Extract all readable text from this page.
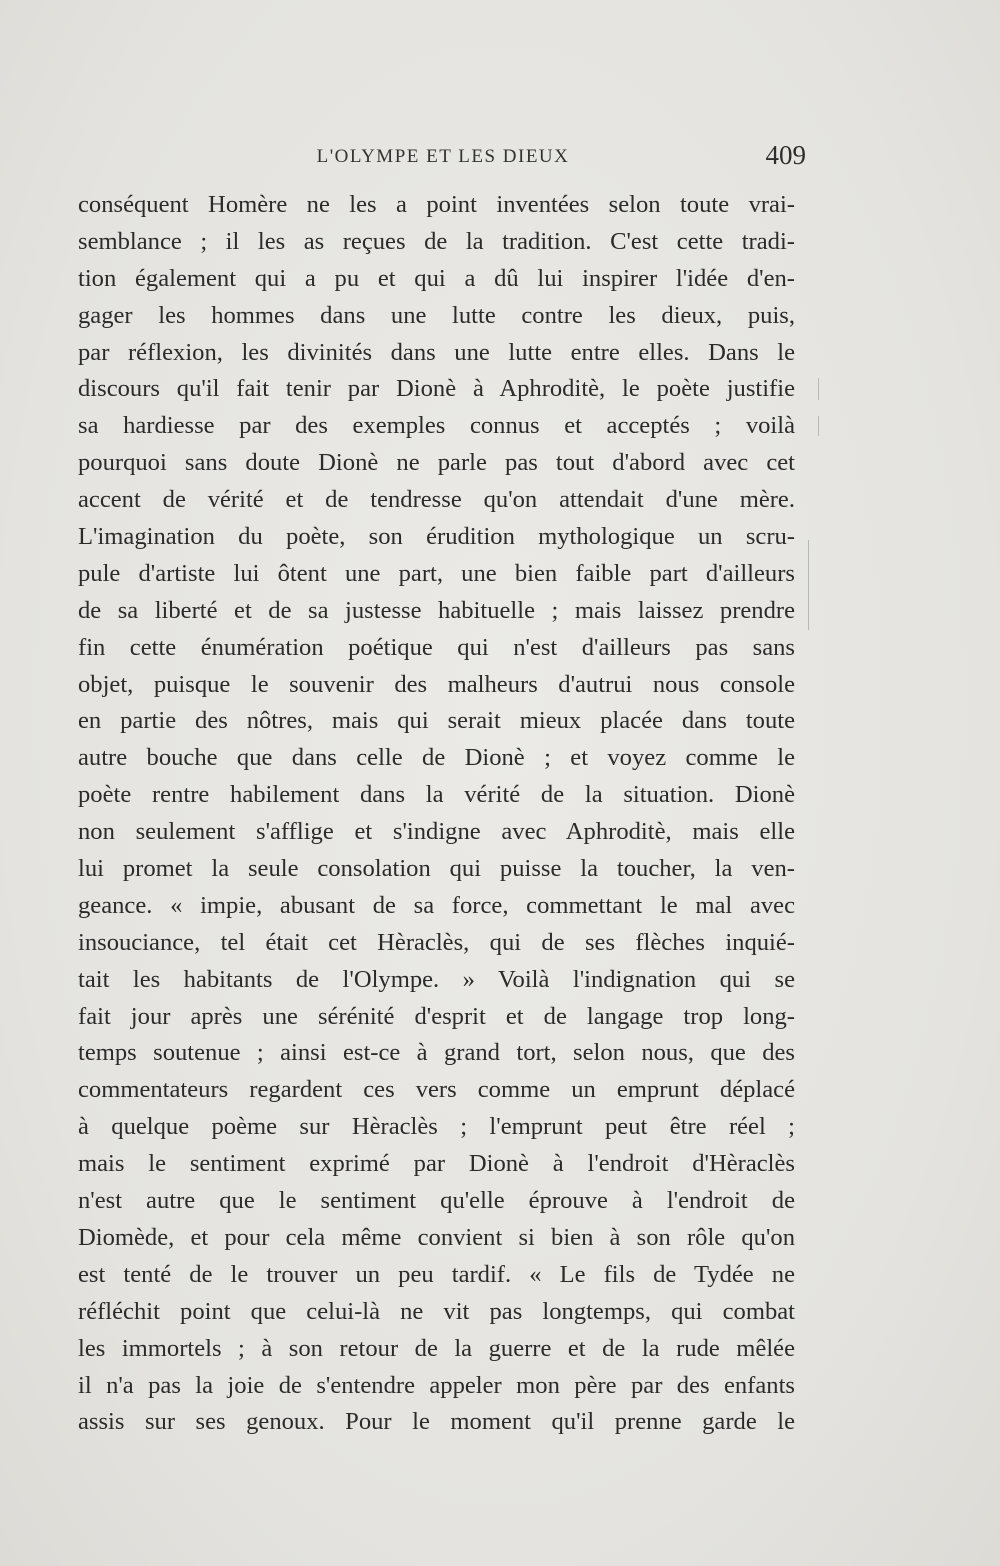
L'OLYMPE ET LES DIEUX	409
conséquent Homère ne les a point inventées selon toute vrai-
semblance ; il les as reçues de la tradition. C'est cette tradi-
tion également qui a pu et qui a dû lui inspirer l'idée d'en-
gager les hommes dans une lutte contre les dieux, puis,
par réflexion, les divinités dans une lutte entre elles. Dans le
discours qu'il fait tenir par Dionè à Aphroditè, le poète justifie
sa hardiesse par des exemples connus et acceptés ; voilà
pourquoi sans doute Dionè ne parle pas tout d'abord avec cet
accent de vérité et de tendresse qu'on attendait d'une mère.
L'imagination du poète, son érudition mythologique un scru-
pule d'artiste lui ôtent une part, une bien faible part d'ailleurs
de sa liberté et de sa justesse habituelle ; mais laissez prendre
fin cette énumération poétique qui n'est d'ailleurs pas sans
objet, puisque le souvenir des malheurs d'autrui nous console
en partie des nôtres, mais qui serait mieux placée dans toute
autre bouche que dans celle de Dionè ; et voyez comme le
poète rentre habilement dans la vérité de la situation. Dionè
non seulement s'afflige et s'indigne avec Aphroditè, mais elle
lui promet la seule consolation qui puisse la toucher, la ven-
geance. « impie, abusant de sa force, commettant le mal avec
insouciance, tel était cet Hèraclès, qui de ses flèches inquié-
tait les habitants de l'Olympe. » Voilà l'indignation qui se
fait jour après une sérénité d'esprit et de langage trop long-
temps soutenue ; ainsi est-ce à grand tort, selon nous, que des
commentateurs regardent ces vers comme un emprunt déplacé
à quelque poème sur Hèraclès ; l'emprunt peut être réel ;
mais le sentiment exprimé par Dionè à l'endroit d'Hèraclès
n'est autre que le sentiment qu'elle éprouve à l'endroit de
Diomède, et pour cela même convient si bien à son rôle qu'on
est tenté de le trouver un peu tardif. « Le fils de Tydée ne
réfléchit point que celui-là ne vit pas longtemps, qui combat
les immortels ; à son retour de la guerre et de la rude mêlée
il n'a pas la joie de s'entendre appeler mon père par des enfants
assis sur ses genoux. Pour le moment qu'il prenne garde le
